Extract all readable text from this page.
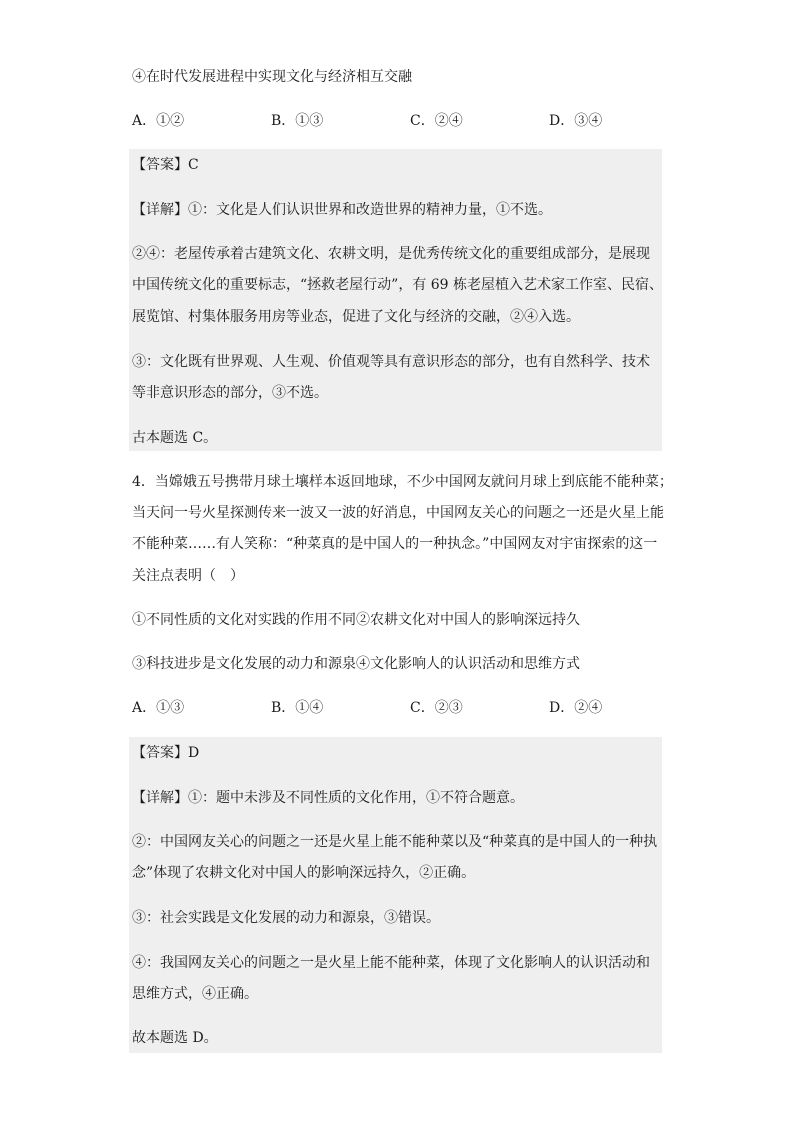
④在时代发展进程中实现文化与经济相互交融
A．①②	B．①③	C．②④	D．③④
【答案】C
【详解】①：文化是人们认识世界和改造世界的精神力量，①不选。
②④：老屋传承着古建筑文化、农耕文明，是优秀传统文化的重要组成部分，是展现
中国传统文化的重要标志，“拯救老屋行动”，有 69 栋老屋植入艺术家工作室、民宿、
展览馆、村集体服务用房等业态，促进了文化与经济的交融，②④入选。
③：文化既有世界观、人生观、价值观等具有意识形态的部分，也有自然科学、技术
等非意识形态的部分，③不选。
古本题选 C。
4．当嫦娥五号携带月球土壤样本返回地球，不少中国网友就问月球上到底能不能种菜；
当天问一号火星探测传来一波又一波的好消息，中国网友关心的问题之一还是火星上能
不能种菜……有人笑称：“种菜真的是中国人的一种执念。”中国网友对宇宙探索的这一
关注点表明（　）
①不同性质的文化对实践的作用不同②农耕文化对中国人的影响深远持久
③科技进步是文化发展的动力和源泉④文化影响人的认识活动和思维方式
A．①③	B．①④	C．②③	D．②④
【答案】D
【详解】①：题中未涉及不同性质的文化作用，①不符合题意。
②：中国网友关心的问题之一还是火星上能不能种菜以及“种菜真的是中国人的一种执
念”体现了农耕文化对中国人的影响深远持久，②正确。
③：社会实践是文化发展的动力和源泉，③错误。
④：我国网友关心的问题之一是火星上能不能种菜，体现了文化影响人的认识活动和
思维方式，④正确。
故本题选 D。
